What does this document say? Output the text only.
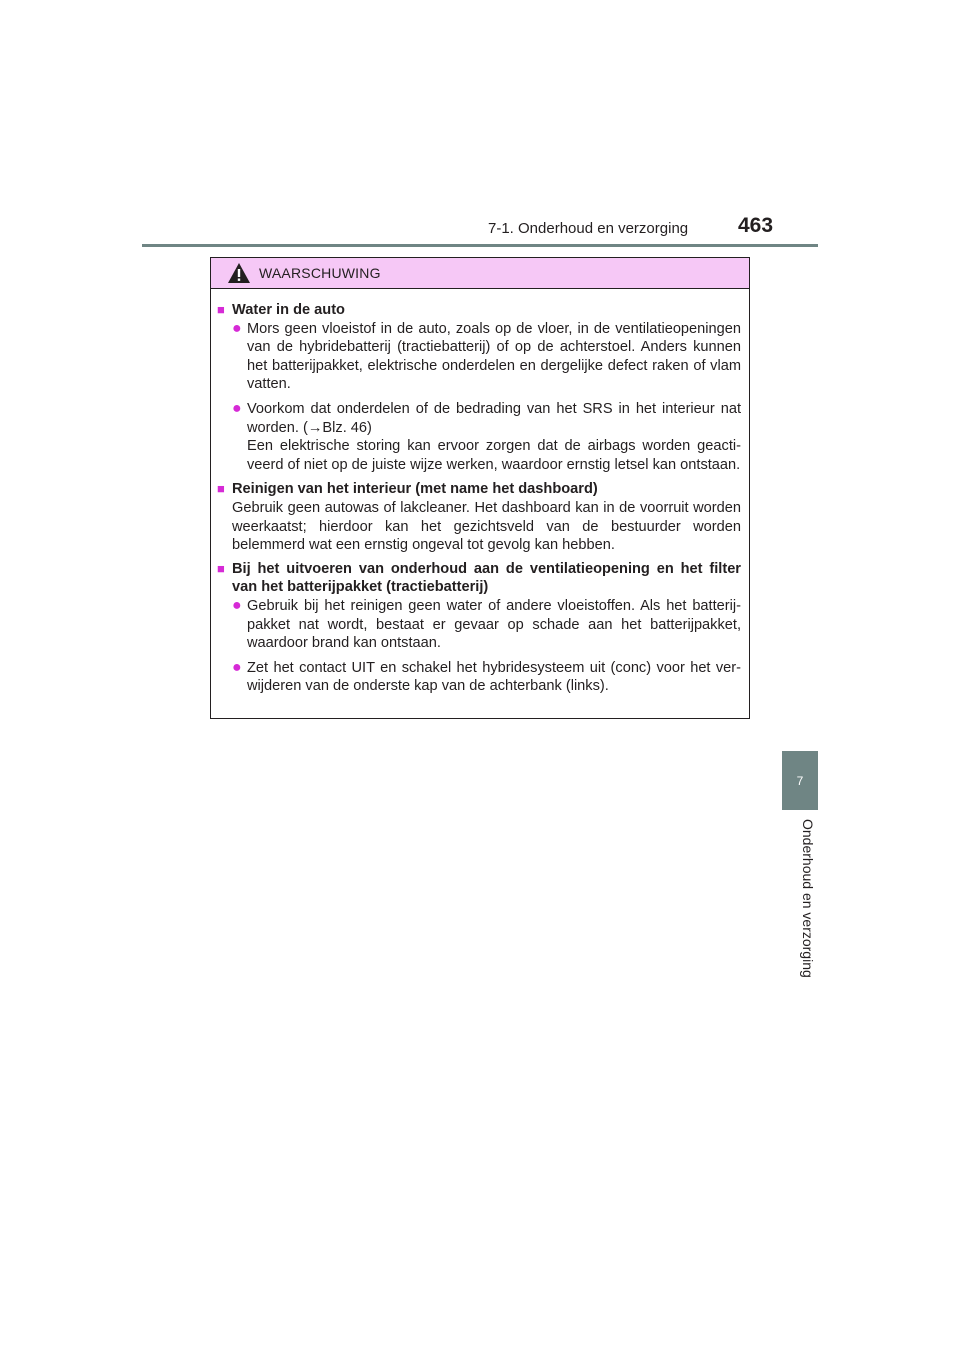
7-1. Onderhoud en verzorging 463
7
Onderhoud en verzorging
WAARSCHUWING
■ Water in de auto
● Mors geen vloeistof in de auto, zoals op de vloer, in de ventilatieopeningen van de hybridebatterij (tractiebatterij) of op de achterstoel. Anders kunnen het batterijpakket, elektrische onderdelen en dergelijke defect raken of vlam vatten.
● Voorkom dat onderdelen of de bedrading van het SRS in het interieur nat worden. (→Blz. 46)
Een elektrische storing kan ervoor zorgen dat de airbags worden geactiveerd of niet op de juiste wijze werken, waardoor ernstig letsel kan ontstaan.
■ Reinigen van het interieur (met name het dashboard)
Gebruik geen autowas of lakcleaner. Het dashboard kan in de voorruit worden weerkaatst; hierdoor kan het gezichtsveld van de bestuurder worden belemmerd wat een ernstig ongeval tot gevolg kan hebben.
■ Bij het uitvoeren van onderhoud aan de ventilatieopening en het filter van het batterijpakket (tractiebatterij)
● Gebruik bij het reinigen geen water of andere vloeistoffen. Als het batterijpakket nat wordt, bestaat er gevaar op schade aan het batterijpakket, waardoor brand kan ontstaan.
● Zet het contact UIT en schakel het hybridesysteem uit (conc) voor het verwijderen van de onderste kap van de achterbank (links).
